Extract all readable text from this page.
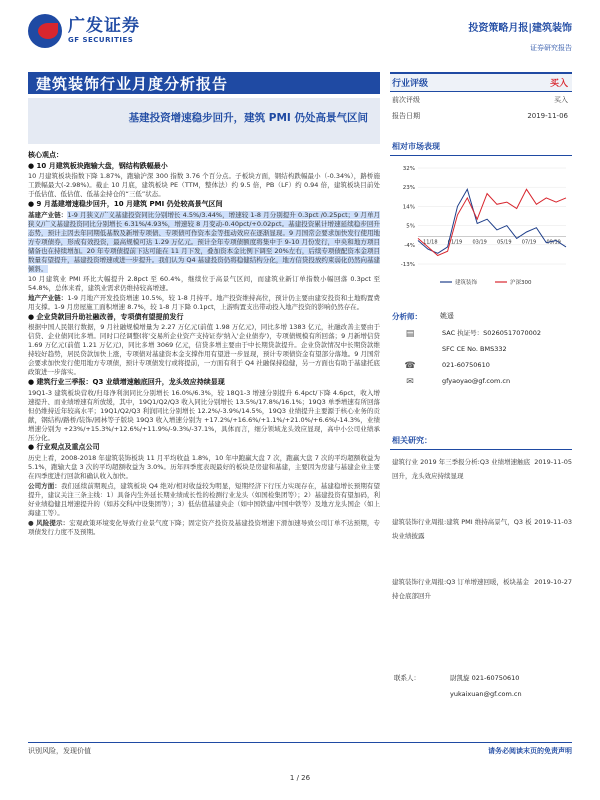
广发证券
GF SECURITIES
投资策略月报|建筑装饰
证券研究报告
建筑装饰行业月度分析报告
基建投资增速稳步回升，建筑 PMI 仍处高景气区间

核心观点：

● 10 月建筑板块跑输大盘，钢结构跌幅最小

10 月建筑板块指数下降 1.87%，跑输沪深 300 指数 3.76 个百分点。子板块方面，钢结构跌幅最小（-0.34%），路桥施工跌幅最大(-2.98%)。截止 10 月底，建筑板块 PE（TTM，整体法）约 9.5 倍，PB（LF）约 0.94 倍，建筑板块目前处于低估值、低估值、低基金持仓的“三低”状态。

● 9 月基建增速稳步回升，10 月建筑 PMI 仍处较高景气区间

基建产业链：1-9 月狭义/广义基建投资同比分别增长 4.5%/3.44%，增速较 1-8 月分别提升 0.3pct /0.25pct；9 月单月狭义/广义基建投资同比分别增长 6.31%/4.93%，增速较 8 月变动-0.40pct/+0.02pct。基建投资累计增速延续稳步回升态势，预计主因去年同期低基数及新增专项债、专项债可作资本金等扭动效应在逐渐显现。9 月国常会要求加快发行使用地方专项债券，形成有效投资，最高规模可达 1.29 万亿元。预计全年专项债额度将集中于 9-10 月份发行，中央和地方项目储备也在持续增加。20 年专项债提前下达可能在 11 月下发，叠加资本金比例下调至 20%左右，后续专项债配资本金项目数量有望提升，基建投资增速或进一步提升。我们认为 Q4 基建投资仍将稳健结构分化，地方信贷投放约束弱化仍然向基建倾斜。

10 月建筑业 PMI 环比大幅提升 2.8pct 至 60.4%，继续位于高景气区间，而建筑业新订单指数小幅回落 0.3pct 至 54.8%，总体来看，建筑业需求仍维持较高增速。

地产产业链：1-9 月地产开发投资增速 10.5%，较 1-8 月持平。地产投资维持高位，预计仍主要由建安投资和土地购置费用支撑。1-9 月房屋施工面积增速 8.7%，较 1-8 月下降 0.1pct，上游购置支出带动投入地产投资的影响仍然存在。

● 企业贷款回升助社融改善，专项债有望提前发行

根据中国人民银行数据，9 月社融规模增量为 2.27 万亿元(前值 1.98 万亿元)，同比多增 1383 亿元，社融改善主要由于信贷、企业债同比多增。同时口径调整(将'交易所企业资产支持证券'纳入'企业债券')，专项债规模有所回落；9 月新增信贷 1.69 万亿元(前值 1.21 万亿元)，同比多增 3069 亿元，信贷多增主要由于中长期贷款提升。企业贷款情况中长期贷款维持较好趋势，居民贷款加快上涨，专项债对基建资本金支撑作用有望进一步显现，预计专项债资金有望部分落地。9 月国常会要求加快发行使用地方专项债，预计专项债发行或将提前，一方面有利于 Q4 社融保持稳健，另一方面也有助于基建托底政策进一步落实。

● 建筑行业三季报：Q3 业绩增速触底回升，龙头效应持续显现

19Q1-3 建筑板块营收/归母净利润同比分别增长 16.0%/6.3%，较 18Q1-3 增速分别提升 6.4pct/下降 4.6pct，收入增速提升、而业绩增速有所放缓，其中，19Q1/Q2/Q3 收入同比分别增长 13.5%/17.8%/16.1%；19Q3 单季增速有所回落但仍维持近年较高水平；19Q1/Q2/Q3 利润同比分别增长 12.2%/-3.9%/14.5%，19Q3 业绩提升主要源于核心业务的贡献，钢结构/路桥/装饰/园林等子版块 19Q3 收入增速分别为 +17.2%/+16.6%/+1.1%/+21.0%/+6.6%/-14.3%，业绩增速分别为 +23%/+15.3%/+12.6%/+11.9%/-9.3%/-37.1%，具体而言，细分领域龙头效应显现，高中小公司业绩承压分化。

● 行业观点及重点公司

历史上看，2008-2018 年建筑装饰板块 11 月平均收益 1.8%，10 年中跑赢大盘 7 次，跑赢大盘 7 次的平均超额收益为 5.1%，跑输大盘 3 次的平均超额收益为 3.0%。历年四季度表现最好的板块是房建和基建，主要因为房建与基建企业主要在四季度进行回款和确认收入加快。

公司方面：我们延续前期观点，建筑板块 Q4 绝对/相对收益较为明显，短期经济下行压力实现存在，基建稳增长预期有望提升，建议关注三条主线：1）具备内生外延长期业绩成长性的检测行业龙头（如国检集团等）；2）基建投资有望加码，利好业绩稳健且增速提升的（如苏交科/中设集团等）；3）低估值基建央企（如中国铁建/中国中铁等）及地方龙头国企（如上海建工等）。

● 风险提示：宏观政策环境变化导致行业景气度下降；固定资产投资及基建投资增速下滑加速导致公司订单不达预期，专项债发行力度不及预期。

行业评级	买入
前次评级	买入
报告日期	2019-11-06
相对市场表现
-13%
-4%
5%
14%
23%
32%
11/18 01/19 03/19 05/19 07/19 09/19
建筑装饰	沪深300
分析师：	姚遥
▤	SAC 执证号：S0260517070002
SFC CE No. BMS332
☎	021-60750610
✉	gfyaoyao@gf.com.cn
相关研究：
建筑行业 2019 年三季报分析:Q3 业绩增速触底回升，龙头效应持续显现
2019-11-05
建筑装饰行业周报:建筑 PMI 维持高景气，Q3 板块业绩披露
2019-11-03
建筑装饰行业周报:Q3 订单增速回暖，板块基金持仓底部回升
2019-10-27
联系人：	尉凯旋 021-60750610
yukaixuan@gf.com.cn
识别风险，发现价值	请务必阅读末页的免责声明
1 / 26
